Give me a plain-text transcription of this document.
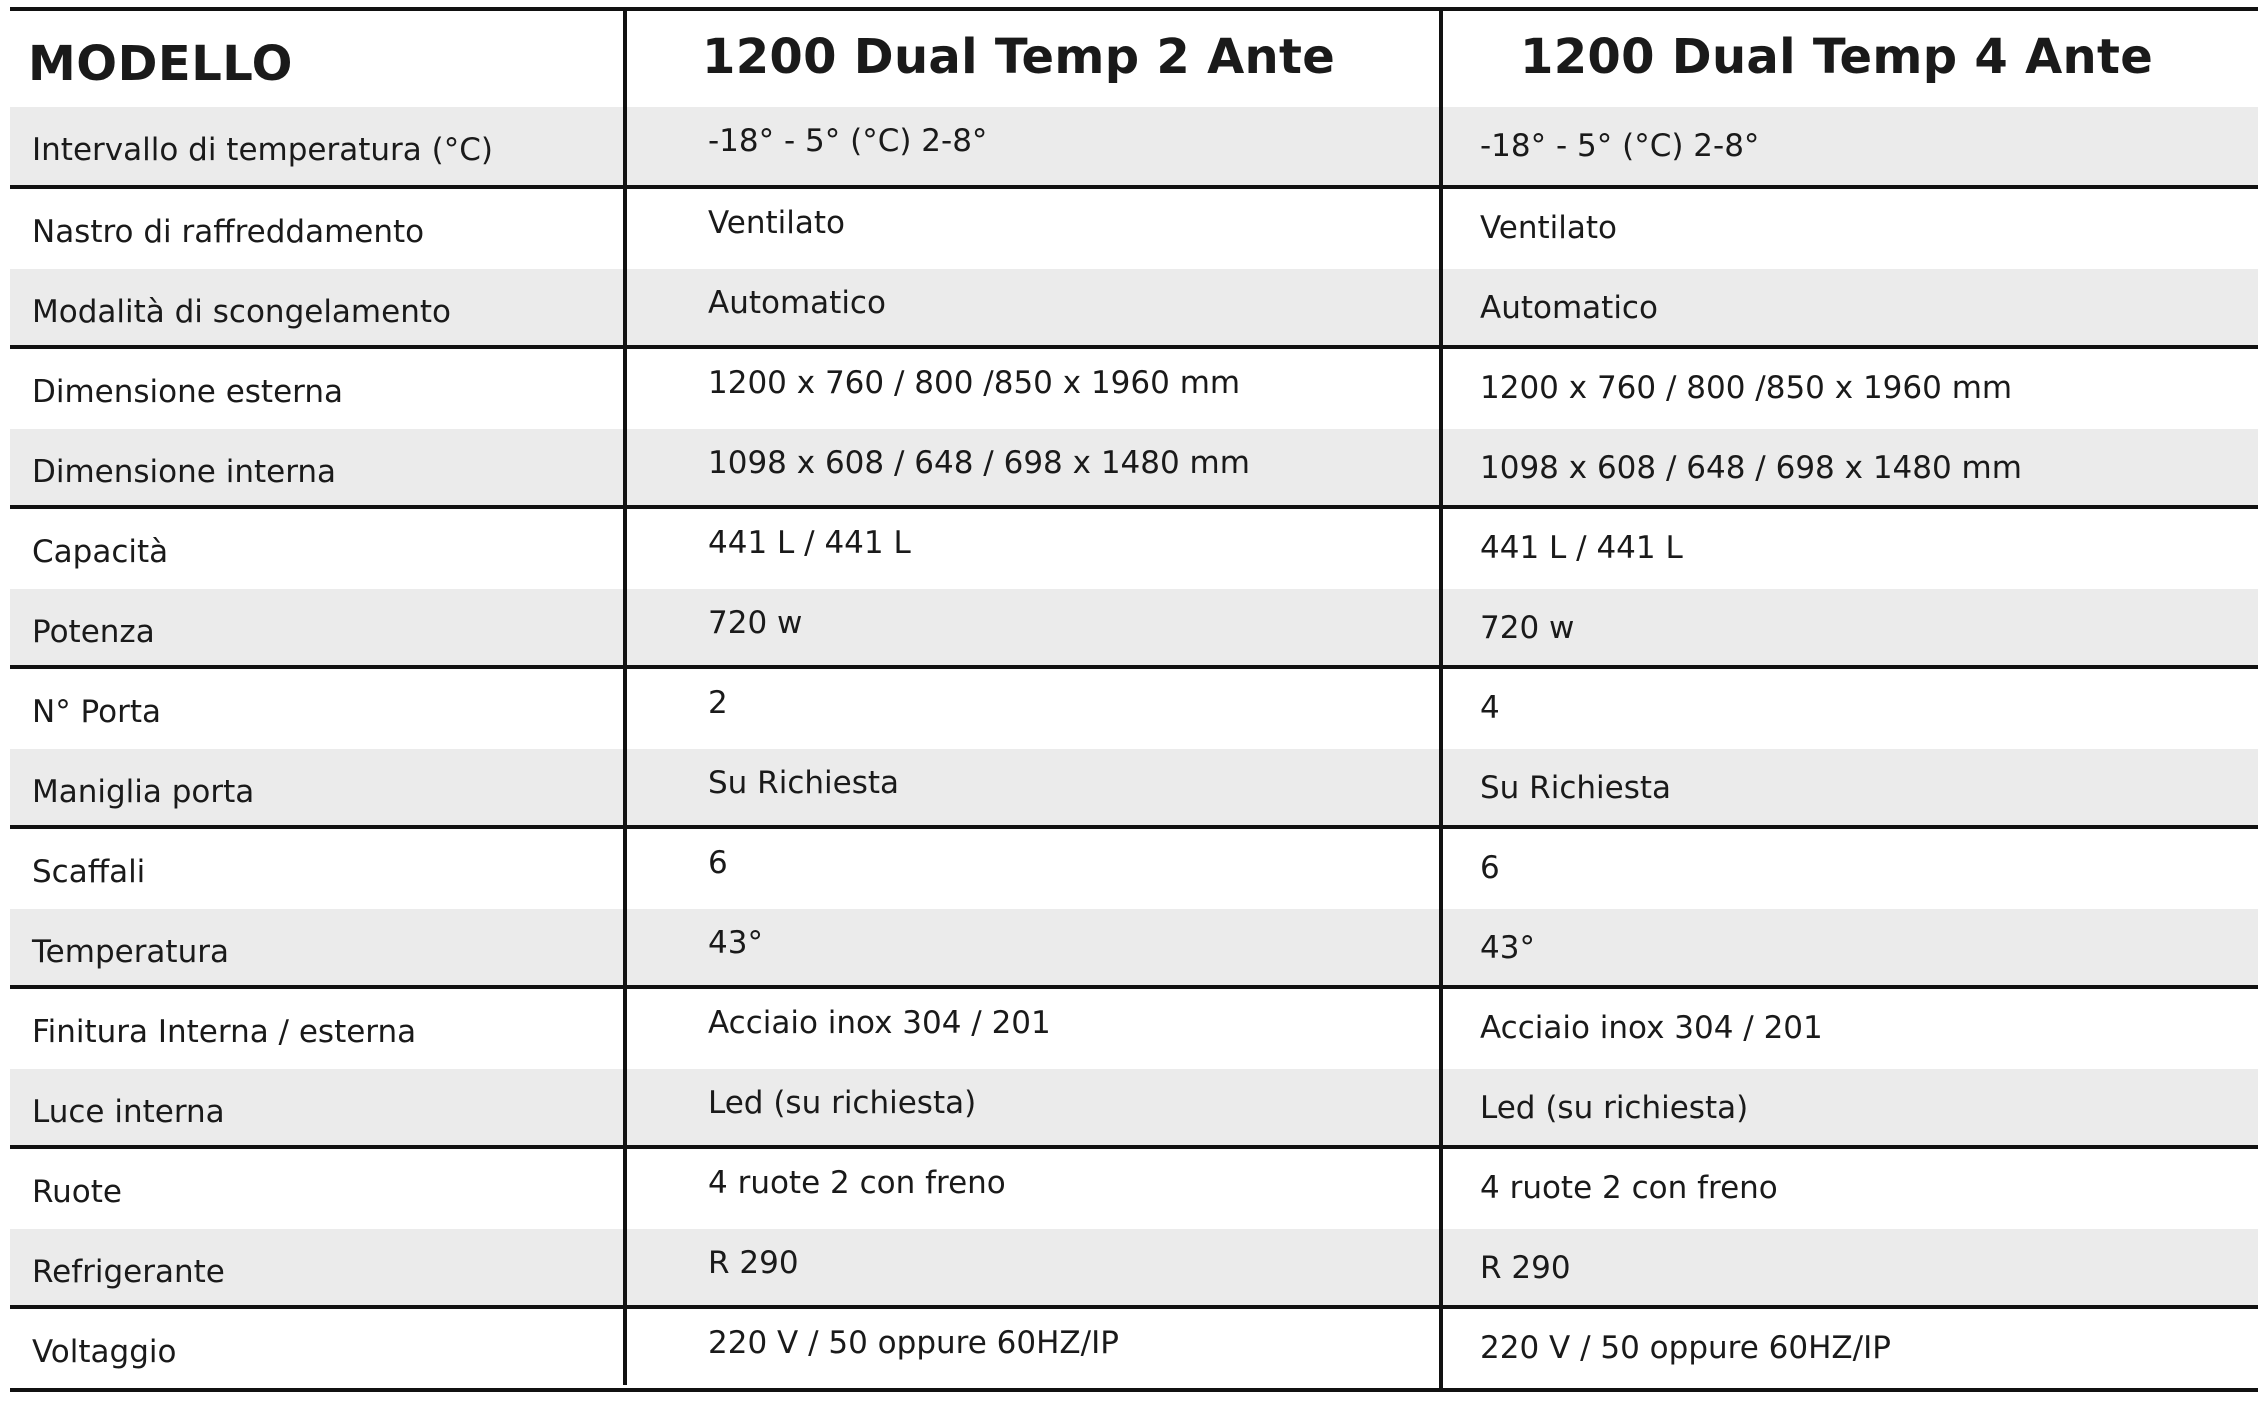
MODELLO	1200 Dual Temp 2 Ante	1200 Dual Temp 4 Ante
Intervallo di temperatura (°C)	-18° - 5° (°C) 2-8°	-18° - 5° (°C) 2-8°
Nastro di raffreddamento	Ventilato	Ventilato
Modalità di scongelamento	Automatico	Automatico
Dimensione esterna	1200 x 760 / 800 /850 x 1960 mm	1200 x 760 / 800 /850 x 1960 mm
Dimensione interna	1098 x 608 / 648 / 698 x 1480 mm	1098 x 608 / 648 / 698 x 1480 mm
Capacità	441 L / 441 L	441 L / 441 L
Potenza	720 w	720 w
N° Porta	2	4
Maniglia porta	Su Richiesta	Su Richiesta
Scaffali	6	6
Temperatura	43°	43°
Finitura Interna / esterna	Acciaio inox 304 / 201	Acciaio inox 304 / 201
Luce interna	Led (su richiesta)	Led (su richiesta)
Ruote	4 ruote 2 con freno	4 ruote 2 con freno
Refrigerante	R 290	R 290
Voltaggio	220 V / 50 oppure 60HZ/IP	220 V / 50 oppure 60HZ/IP
